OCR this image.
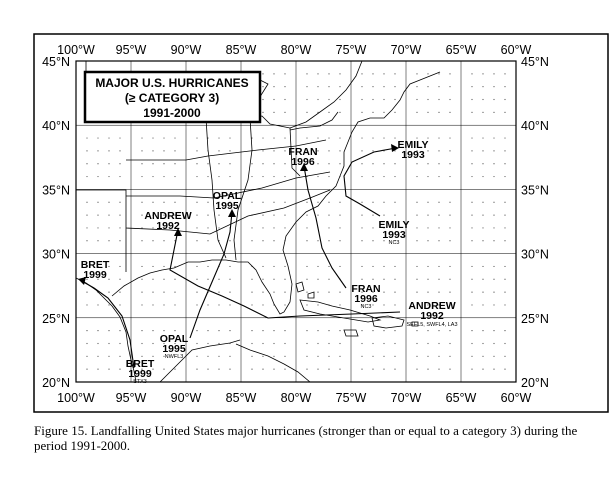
100°W 95°W 90°W 85°W 80°W 75°W 70°W 65°W 60°W
100°W 95°W 90°W 85°W 80°W 75°W 70°W 65°W 60°W
45°N
40°N
35°N
30°N
25°N
20°N
45°N
40°N
35°N
30°N
25°N
20°N
MAJOR U.S. HURRICANES
(≥ CATEGORY 3)
1991-2000
BRET
1999
STX3
ANDREW
1992
SEFL5, SWFL4, LA3
OPAL
1995
NWFL3
FRAN
1996
NC3
EMILY
1993
NC3
BRET
1999
ANDREW
1992
OPAL
1995
FRAN
1996
EMILY
1993
Figure 15. Landfalling United States major hurricanes (stronger than or equal to a category 3) during the period 1991-2000.
